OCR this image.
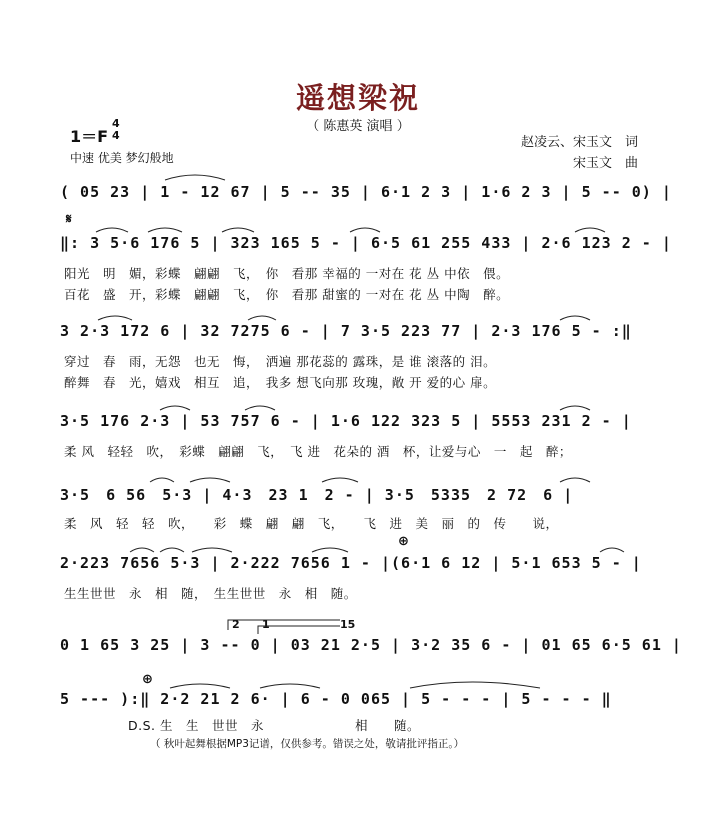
遥想梁祝
（ 陈惠英 演唱 ）
1＝F
4
4
中速 优美 梦幻般地
赵凌云、宋玉文　词
宋玉文　曲
( 05 23 | 1 - 12 67 | 5 -- 35 | 6·1 2 3 | 1·6 2 3 | 5 -- 0) |
𝄋
‖: 3 5·6 176 5 | 323 165 5 - | 6·5 61 255 433 | 2·6 123 2 - |
阳光　明　媚，彩蝶　翩翩　飞，　你　看那 幸福的 一对在 花 丛 中依　偎。
百花　盛　开，彩蝶　翩翩　飞，　你　看那 甜蜜的 一对在 花 丛 中陶　醉。
3 2·3 172 6 | 32 7275 6 - | 7 3·5 223 77 | 2·3 176 5 - :‖
穿过　春　雨，无怨　也无　悔，　洒遍 那花蕊的 露珠，是 谁 滚落的 泪。
醉舞　春　光，嬉戏　相互　追，　我多 想飞向那 玫瑰，敞 开 爱的心 扉。
3·5 176 2·3 | 53 757 6 - | 1·6 122 323 5 | 5553 231 2 - |
柔 风　轻轻　吹，　彩蝶　翩翩　飞，　飞 进　花朵的 酒　杯，让爱与心　一　起　醉；
3·5　6 56　5·3 | 4·3　23 1　2 - | 3·5　5335　2 72　6 |
柔　风　轻　轻　吹，　　彩　蝶　翩　翩　飞，　　飞　进　美　丽　的　传　　说，
⊕
2·223 7656 5·3 | 2·222 7656 1 - |(6·1 6 12 | 5·1 653 5 - |
生生世世　永　相　随，　生生世世　永　相　随。
2 1	15
0 1 65 3 25 | 3 -- 0 | 03 21 2·5 | 3·2 35 6 - | 01 65 6·5 61 |
⊕
5 --- ):‖ 2·2 21 2 6· | 6 - 0 065 | 5 - - - | 5 - - - ‖
D.S. 生　生　世世　永　　　　　　　相　　随。
（ 秋叶起舞根据MP3记谱，仅供参考。错误之处，敬请批评指正。）
